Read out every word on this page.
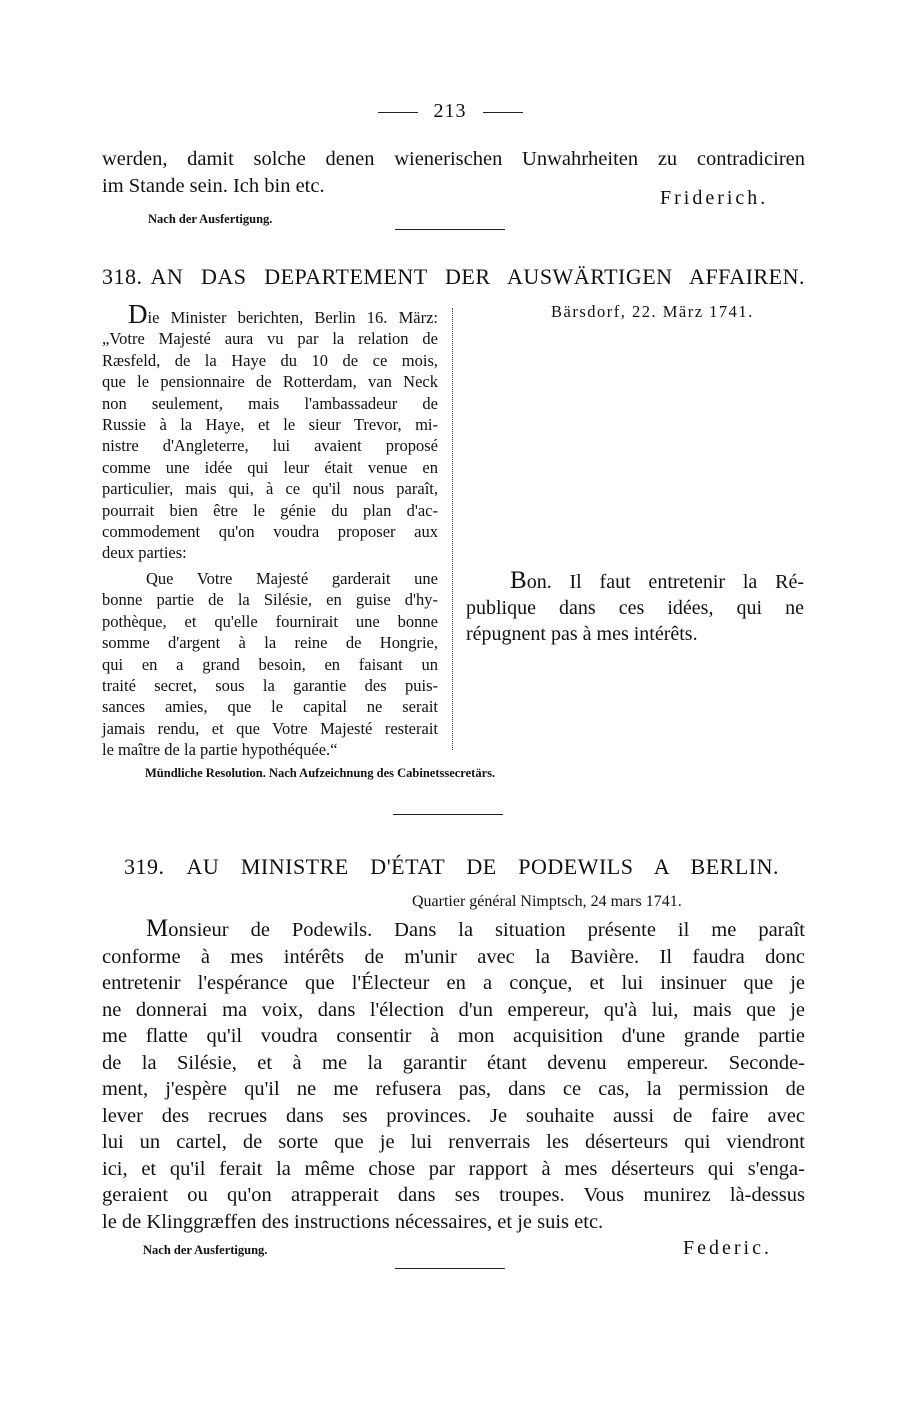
213
werden, damit solche denen wienerischen Unwahrheiten zu contradiciren
im Stande sein. Ich bin etc.
Friderich.
Nach der Ausfertigung.
318. AN DAS DEPARTEMENT DER AUSWÄRTIGEN AFFAIREN.
Die Minister berichten, Berlin 16. März:
„Votre Majesté aura vu par la relation de
Ræsfeld, de la Haye du 10 de ce mois,
que le pensionnaire de Rotterdam, van Neck
non seulement, mais l'ambassadeur de
Russie à la Haye, et le sieur Trevor, mi-
nistre d'Angleterre, lui avaient proposé
comme une idée qui leur était venue en
particulier, mais qui, à ce qu'il nous paraît,
pourrait bien être le génie du plan d'ac-
commodement qu'on voudra proposer aux
deux parties:
Que Votre Majesté garderait une
bonne partie de la Silésie, en guise d'hy-
pothèque, et qu'elle fournirait une bonne
somme d'argent à la reine de Hongrie,
qui en a grand besoin, en faisant un
traité secret, sous la garantie des puis-
sances amies, que le capital ne serait
jamais rendu, et que Votre Majesté resterait
le maître de la partie hypothéquée.“
Bärsdorf, 22. März 1741.
Bon. Il faut entretenir la Ré-
publique dans ces idées, qui ne
répugnent pas à mes intérêts.
Mündliche Resolution. Nach Aufzeichnung des Cabinetssecretärs.
319. AU MINISTRE D'ÉTAT DE PODEWILS A BERLIN.
Quartier général Nimptsch, 24 mars 1741.
Monsieur de Podewils. Dans la situation présente il me paraît
conforme à mes intérêts de m'unir avec la Bavière. Il faudra donc
entretenir l'espérance que l'Électeur en a conçue, et lui insinuer que je
ne donnerai ma voix, dans l'élection d'un empereur, qu'à lui, mais que je
me flatte qu'il voudra consentir à mon acquisition d'une grande partie
de la Silésie, et à me la garantir étant devenu empereur. Seconde-
ment, j'espère qu'il ne me refusera pas, dans ce cas, la permission de
lever des recrues dans ses provinces. Je souhaite aussi de faire avec
lui un cartel, de sorte que je lui renverrais les déserteurs qui viendront
ici, et qu'il ferait la même chose par rapport à mes déserteurs qui s'enga-
geraient ou qu'on atrapperait dans ses troupes. Vous munirez là-dessus
le de Klinggræffen des instructions nécessaires, et je suis etc.
Nach der Ausfertigung.	Federic.
